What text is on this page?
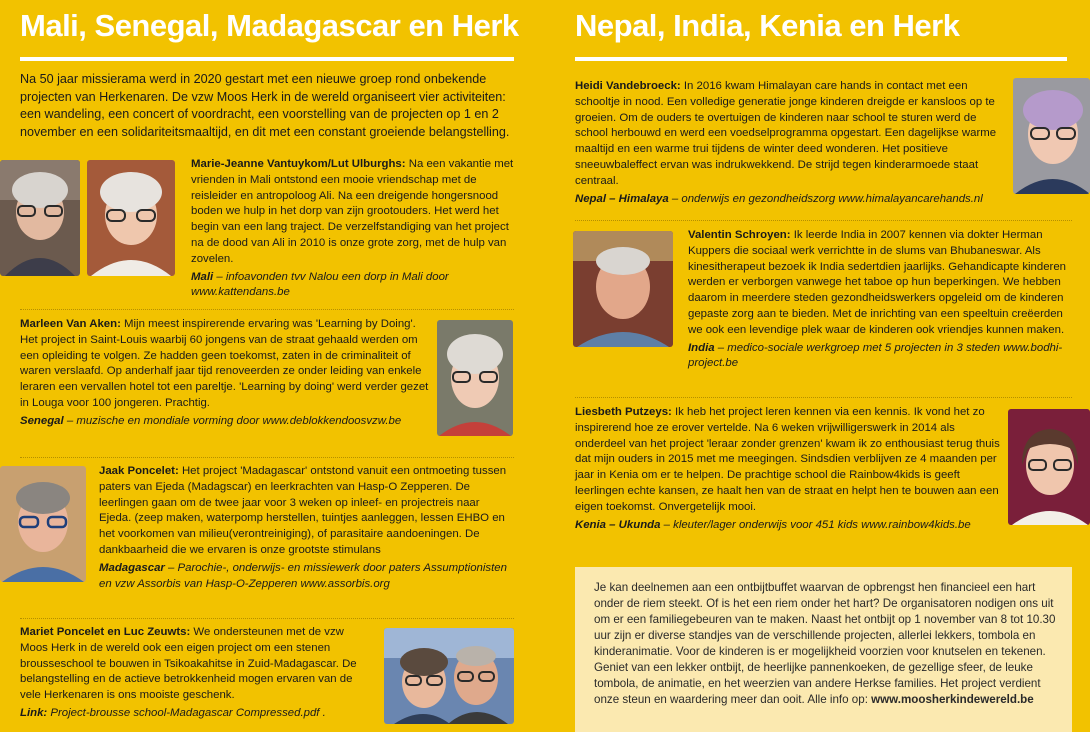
Mali, Senegal, Madagascar en Herk
Na 50 jaar missierama werd in 2020 gestart met een nieuwe groep rond onbekende projecten van Herkenaren. De vzw Moos Herk in de wereld organiseert vier activiteiten: een wandeling, een concert of voordracht, een voorstelling van de projecten op 1 en 2 november en een solidariteitsmaaltijd, en dit met een constant groeiende belangstelling.
Marie-Jeanne Vantuykom/Lut Ulburghs: Na een vakantie met vrienden in Mali ontstond een mooie vriendschap met de reisleider en antropoloog Ali. Na een dreigende hongersnood boden we hulp in het dorp van zijn grootouders. Het werd het begin van een lang traject. De verzelfstandiging van het project na de dood van Ali in 2010 is onze grote zorg, met de hulp van zovelen.
Mali – infoavonden tvv Nalou een dorp in Mali door www.kattendans.be
Marleen Van Aken: Mijn meest inspirerende ervaring was 'Learning by Doing'. Het project in Saint-Louis waarbij 60 jongens van de straat gehaald werden om een opleiding te volgen. Ze hadden geen toekomst, zaten in de criminaliteit of waren verslaafd. Op anderhalf jaar tijd renoveerden ze onder leiding van enkele leraren een vervallen hotel tot een pareltje. 'Learning by doing' werd verder gezet in Louga voor 100 jongeren. Prachtig.
Senegal – muzische en mondiale vorming door www.deblokkendoosvzw.be
Jaak Poncelet: Het project 'Madagascar' ontstond vanuit een ontmoeting tussen paters van Ejeda (Madagscar) en leerkrachten van Hasp-O Zepperen. De leerlingen gaan om de twee jaar voor 3 weken op inleef- en projectreis naar Ejeda. (zeep maken, waterpomp herstellen, tuintjes aanleggen, lessen EHBO en het voorkomen van milieu(verontreiniging), of parasitaire aandoeningen. De dankbaarheid die we ervaren is onze grootste stimulans
Madagascar – Parochie-, onderwijs- en missiewerk door paters Assumptionisten en vzw Assorbis van Hasp-O-Zepperen www.assorbis.org
Mariet Poncelet en Luc Zeuwts: We ondersteunen met de vzw Moos Herk in de wereld ook een eigen project om een stenen brousseschool te bouwen in Tsikoakahitse in Zuid-Madagascar. De belangstelling en de actieve betrokkenheid mogen ervaren van de vele Herkenaren is ons mooiste geschenk.
Link: Project-brousse school-Madagascar Compressed.pdf .
Nepal, India, Kenia en Herk
Heidi Vandebroeck: In 2016 kwam Himalayan care hands in contact met een schooltje in nood. Een volledige generatie jonge kinderen dreigde er kansloos op te groeien. Om de ouders te overtuigen de kinderen naar school te sturen werd de school herbouwd en werd een voedselprogramma opgestart. Een dagelijkse warme maaltijd en een warme trui tijdens de winter deed wonderen. Het positieve sneeuwbaleffect ervan was indrukwekkend. De strijd tegen kinderarmoede staat centraal.
Nepal – Himalaya – onderwijs en gezondheidszorg www.himalayancarehands.nl
Valentin Schroyen: Ik leerde India in 2007 kennen via dokter Herman Kuppers die sociaal werk verrichtte in de slums van Bhubaneswar. Als kinesitherapeut bezoek ik India sedertdien jaarlijks. Gehandicapte kinderen werden er verborgen vanwege het taboe op hun beperkingen. We hebben daarom in meerdere steden gezondheidswerkers opgeleid om de kinderen gepaste zorg aan te bieden. Met de inrichting van een speeltuin creëerden we ook een levendige plek waar de kinderen ook vriendjes kunnen maken.
India – medico-sociale werkgroep met 5 projecten in 3 steden www.bodhi-project.be
Liesbeth Putzeys: Ik heb het project leren kennen via een kennis. Ik vond het zo inspirerend hoe ze erover vertelde. Na 6 weken vrijwilligerswerk in 2014 als onderdeel van het project 'leraar zonder grenzen' kwam ik zo enthousiast terug thuis dat mijn ouders in 2015 met me meegingen. Sindsdien verblijven ze 4 maanden per jaar in Kenia om er te helpen. De prachtige school die Rainbow4kids is geeft leerlingen echte kansen, ze haalt hen van de straat en helpt hen te bouwen aan een eigen toekomst. Onvergetelijk mooi.
Kenia – Ukunda – kleuter/lager onderwijs voor 451 kids www.rainbow4kids.be
Je kan deelnemen aan een ontbijtbuffet waarvan de opbrengst hen financieel een hart onder de riem steekt. Of is het een riem onder het hart? De organisatoren nodigen ons uit om er een familiegebeuren van te maken. Naast het ontbijt op 1 november van 8 tot 10.30 uur zijn er diverse standjes van de verschillende projecten, allerlei lekkers, tombola en kinderanimatie. Voor de kinderen is er mogelijkheid voorzien voor knutselen en tekenen. Geniet van een lekker ontbijt, de heerlijke pannenkoeken, de gezellige sfeer, de leuke tombola, de animatie, en het weerzien van andere Herkse families. Het project verdient onze steun en waardering meer dan ooit. Alle info op: www.moosherkindewereld.be
